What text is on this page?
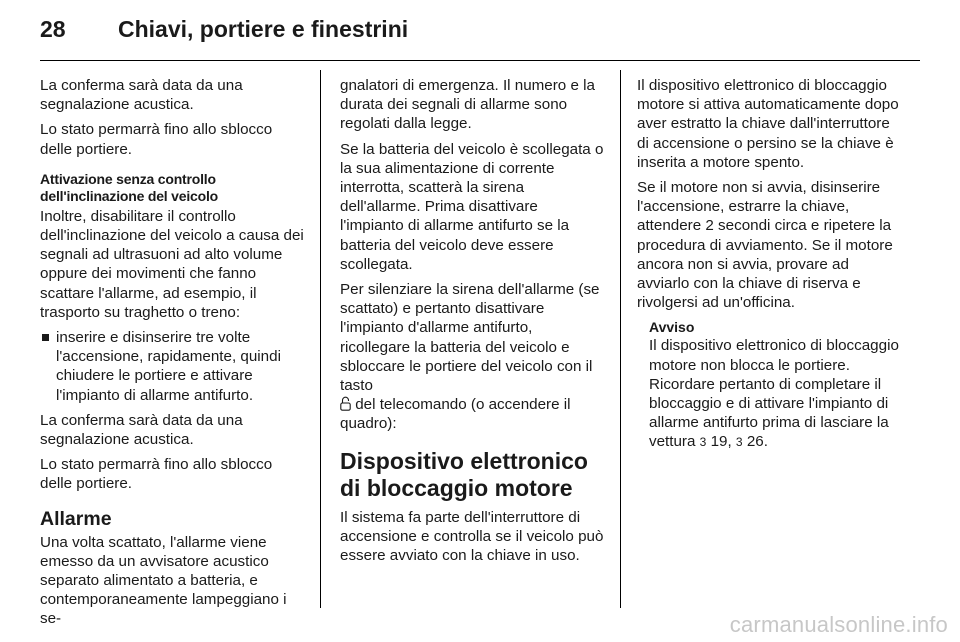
28 Chiavi, portiere e finestrini

La conferma sarà data da una segnalazione acustica.

Lo stato permarrà fino allo sblocco delle portiere.

Attivazione senza controllo dell'inclinazione del veicolo

Inoltre, disabilitare il controllo dell'inclinazione del veicolo a causa dei segnali ad ultrasuoni ad alto volume oppure dei movimenti che fanno scattare l'allarme, ad esempio, il trasporto su traghetto o treno:

inserire e disinserire tre volte l'accensione, rapidamente, quindi chiudere le portiere e attivare l'impianto di allarme antifurto.

La conferma sarà data da una segnalazione acustica.

Lo stato permarrà fino allo sblocco delle portiere.

Allarme

Una volta scattato, l'allarme viene emesso da un avvisatore acustico separato alimentato a batteria, e contemporaneamente lampeggiano i se-

gnalatori di emergenza. Il numero e la durata dei segnali di allarme sono regolati dalla legge.

Se la batteria del veicolo è scollegata o la sua alimentazione di corrente interrotta, scatterà la sirena dell'allarme. Prima disattivare l'impianto di allarme antifurto se la batteria del veicolo deve essere scollegata.

Per silenziare la sirena dell'allarme (se scattato) e pertanto disattivare l'impianto d'allarme antifurto, ricollegare la batteria del veicolo e sbloccare le portiere del veicolo con il tasto
del telecomando (o accendere il quadro):

Dispositivo elettronico di bloccaggio motore

Il sistema fa parte dell'interruttore di accensione e controlla se il veicolo può essere avviato con la chiave in uso.

Il dispositivo elettronico di bloccaggio motore si attiva automaticamente dopo aver estratto la chiave dall'interruttore di accensione o persino se la chiave è inserita a motore spento.

Se il motore non si avvia, disinserire l'accensione, estrarre la chiave, attendere 2 secondi circa e ripetere la procedura di avviamento. Se il motore ancora non si avvia, provare ad avviarlo con la chiave di riserva e rivolgersi ad un'officina.

Avviso
Il dispositivo elettronico di bloccaggio motore non blocca le portiere. Ricordare pertanto di completare il bloccaggio e di attivare l'impianto di allarme antifurto prima di lasciare la vettura 3 19, 3 26.
carmanualsonline.info
